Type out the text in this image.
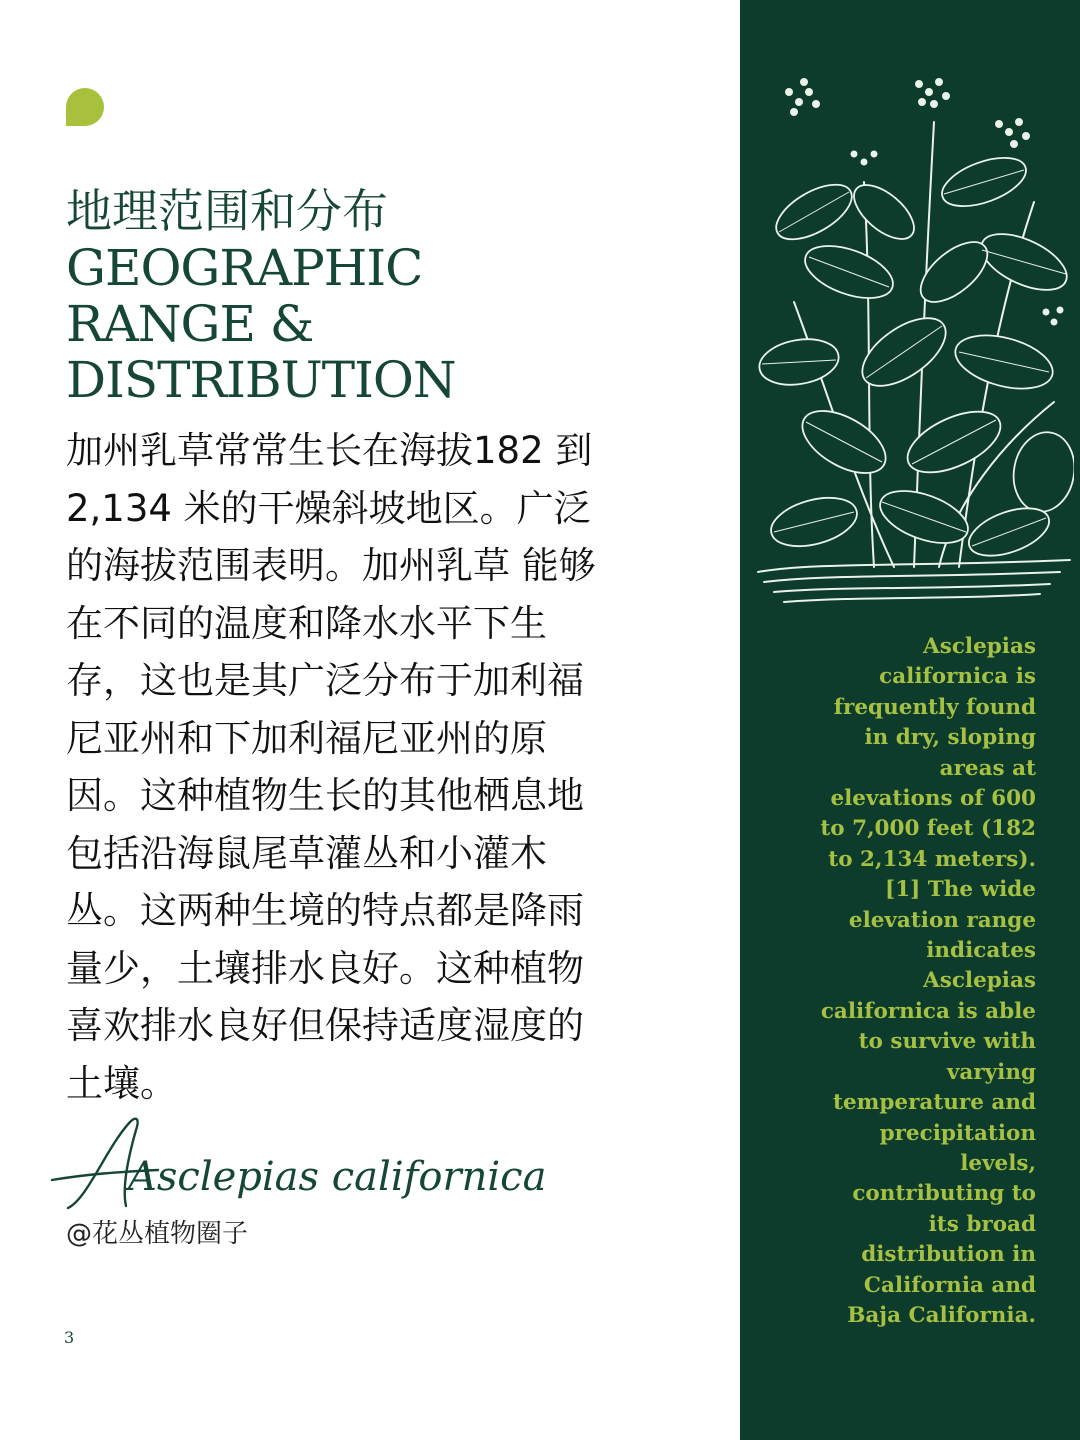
地理范围和分布
GEOGRAPHIC
RANGE &
DISTRIBUTION
加州乳草常常生长在海拔182 到
2,134 米的干燥斜坡地区。广泛
的海拔范围表明。加州乳草 能够
在不同的温度和降水水平下生
存，这也是其广泛分布于加利福
尼亚州和下加利福尼亚州的原
因。这种植物生长的其他栖息地
包括沿海鼠尾草灌丛和小灌木
丛。这两种生境的特点都是降雨
量少，土壤排水良好。这种植物
喜欢排水良好但保持适度湿度的
土壤。
Asclepias californica
@花丛植物圈子
3
Asclepias
californica is
frequently found
in dry, sloping
areas at
elevations of 600
to 7,000 feet (182
to 2,134 meters).
[1] The wide
elevation range
indicates
Asclepias
californica is able
to survive with
varying
temperature and
precipitation
levels,
contributing to
its broad
distribution in
California and
Baja California.
